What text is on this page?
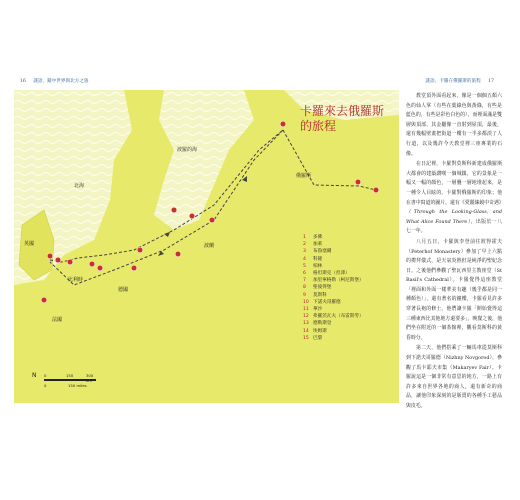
16 謎語、鏡中世界與北方之旅	謎語、卡羅在俄羅斯的旅程 17
卡羅來去俄羅斯
的旅程
北海
波羅的海
俄羅斯
英國
比利時
德國
波蘭
法國
1 多佛
2 加萊
3 布魯塞爾
4 科隆
5 柏林
6 格但斯克（但澤）
7 加里寧格勒（柯尼斯堡）
8 聖彼得堡
9 莫斯科
10 下諾夫哥羅德
11 華沙
12 弗羅茨瓦夫（布雷斯勞）
13 德勒斯登
14 埃姆斯
15 巴黎
N 0	150	300
0	150 miles

教堂頂外面看起來，像是一個個五顏六色的仙人掌（有些在葉綠色與黃綠，有些是藍色的，有些是彩色白色的），而裡面滿是雙層與頂部，其金屬像一直射到屋頂，最後，還有幾幅壁畫把街道一樓有一半多都淡了人行道，以及幾許今天教堂裡三座專業的石像。

在日記裡，卡羅對莫斯科新建成俄羅斯大都會的建築讚嘆一個城鎮，它的景象是一幅又一幅的顏色，一層疊一層地堆起來，是一種令人目眩的、卡羅對俄羅斯的印象；他在書中寫道的圖片，還有《愛麗絲鏡中奇遇》（Through the Looking-Glass, and What Alice Found There），出版於一八七一年。

八月五日，卡羅與李登前往彼得霍夫（Peterhof Monastery）參加了早上六點的禮拜儀式，是天氣炎熱但是純淨的聖紀念日。之後他們參觀了聖瓦西里主教座堂（St Basil's Cathedral）。卡羅覺得這座教堂「裡面和外面一樣華美有趣（幾乎都是同一種顏色）」，還有著名的鐘樓，卡羅看見許多穿著長袍的修士，他們讓卡羅「開始覺得這三種東西比其他地方還要多」，晚餐之後，他們坐在附近的一個茶館裡，觀看莫斯科的黃昏時分。

第二天，他們搭乘了一輛馬車從莫斯科到下諾夫哥羅德（Nizhny Novgorod），參觀了馬卡耶夫市集（Makaryev Fair）。卡羅說這是一個非常有意思的地方，一路上有許多來自世界各地的商人，還有新奇的商品，讓他印象深刻的是販賣的各種手工藝品與皮毛。
